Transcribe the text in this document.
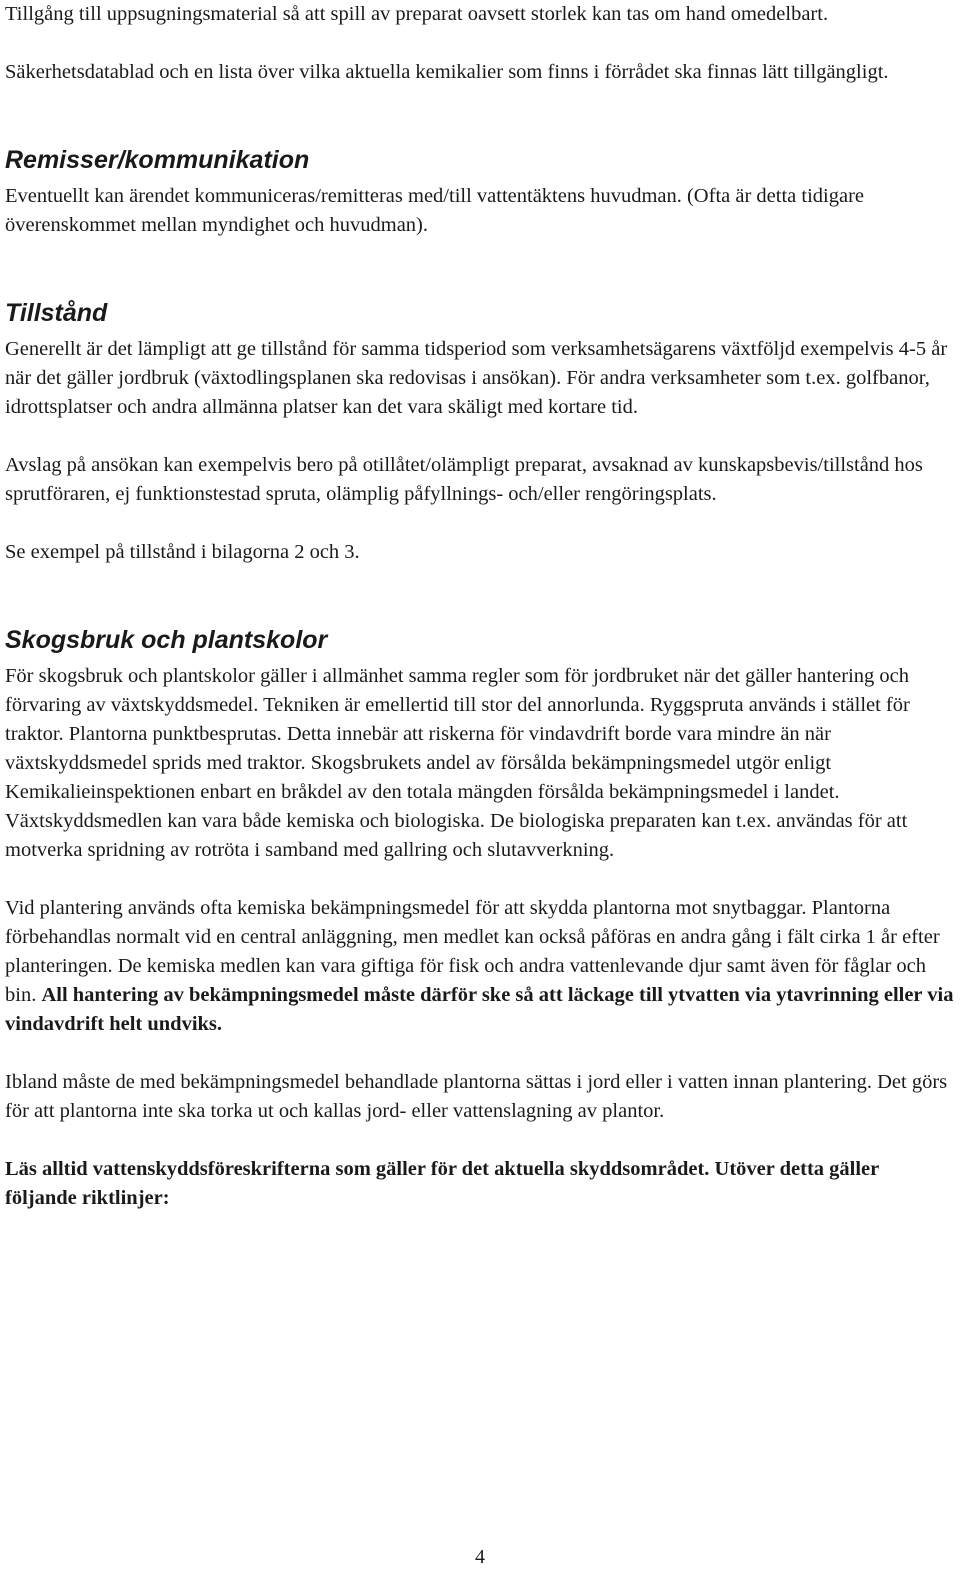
Tillgång till uppsugningsmaterial så att spill av preparat oavsett storlek kan tas om hand omedelbart.

Säkerhetsdatablad och en lista över vilka aktuella kemikalier som finns i förrådet ska finnas lätt tillgängligt.

Remisser/kommunikation

Eventuellt kan ärendet kommuniceras/remitteras med/till vattentäktens huvudman. (Ofta är detta tidigare överenskommet mellan myndighet och huvudman).

Tillstånd

Generellt är det lämpligt att ge tillstånd för samma tidsperiod som verksamhetsägarens växtföljd exempelvis 4-5 år när det gäller jordbruk (växtodlingsplanen ska redovisas i ansökan). För andra verksamheter som t.ex. golfbanor, idrottsplatser och andra allmänna platser kan det vara skäligt med kortare tid.

Avslag på ansökan kan exempelvis bero på otillåtet/olämpligt preparat, avsaknad av kunskapsbevis/tillstånd hos sprutföraren, ej funktionstestad spruta, olämplig påfyllnings- och/eller rengöringsplats.

Se exempel på tillstånd i bilagorna 2 och 3.

Skogsbruk och plantskolor

För skogsbruk och plantskolor gäller i allmänhet samma regler som för jordbruket när det gäller hantering och förvaring av växtskyddsmedel. Tekniken är emellertid till stor del annorlunda. Ryggspruta används i stället för traktor. Plantorna punktbesprutas. Detta innebär att riskerna för vindavdrift borde vara mindre än när växtskyddsmedel sprids med traktor. Skogsbrukets andel av försålda bekämpningsmedel utgör enligt Kemikalieinspektionen enbart en bråkdel av den totala mängden försålda bekämpningsmedel i landet. Växtskyddsmedlen kan vara både kemiska och biologiska. De biologiska preparaten kan t.ex. användas för att motverka spridning av rotröta i samband med gallring och slutavverkning.

Vid plantering används ofta kemiska bekämpningsmedel för att skydda plantorna mot snytbaggar. Plantorna förbehandlas normalt vid en central anläggning, men medlet kan också påföras en andra gång i fält cirka 1 år efter planteringen. De kemiska medlen kan vara giftiga för fisk och andra vattenlevande djur samt även för fåglar och bin. All hantering av bekämpningsmedel måste därför ske så att läckage till ytvatten via ytavrinning eller via vindavdrift helt undviks.

Ibland måste de med bekämpningsmedel behandlade plantorna sättas i jord eller i vatten innan plantering. Det görs för att plantorna inte ska torka ut och kallas jord- eller vattenslagning av plantor.

Läs alltid vattenskyddsföreskrifterna som gäller för det aktuella skyddsområdet. Utöver detta gäller följande riktlinjer:

4
